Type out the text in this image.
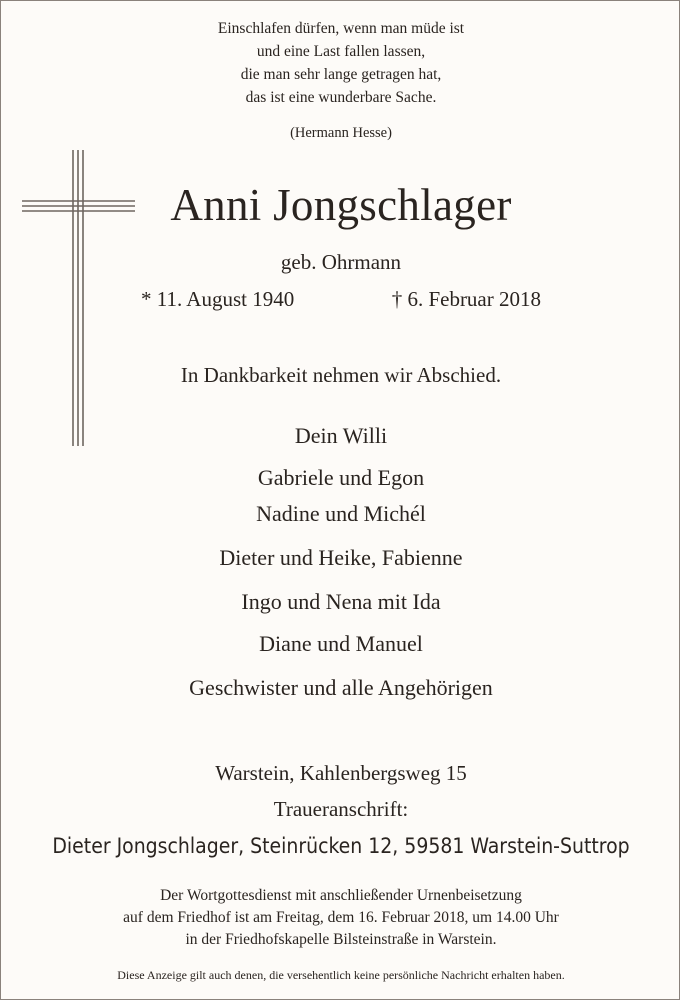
Einschlafen dürfen, wenn man müde ist
und eine Last fallen lassen,
die man sehr lange getragen hat,
das ist eine wunderbare Sache.
(Hermann Hesse)
Anni Jongschlager
geb. Ohrmann
* 11. August 1940	† 6. Februar 2018
In Dankbarkeit nehmen wir Abschied.
Dein Willi
Gabriele und Egon
Nadine und Michél
Dieter und Heike, Fabienne
Ingo und Nena mit Ida
Diane und Manuel
Geschwister und alle Angehörigen
Warstein, Kahlenbergsweg 15
Traueranschrift:
Dieter Jongschlager, Steinrücken 12, 59581 Warstein-Suttrop
Der Wortgottesdienst mit anschließender Urnenbeisetzung
auf dem Friedhof ist am Freitag, dem 16. Februar 2018, um 14.00 Uhr
in der Friedhofskapelle Bilsteinstraße in Warstein.
Diese Anzeige gilt auch denen, die versehentlich keine persönliche Nachricht erhalten haben.
